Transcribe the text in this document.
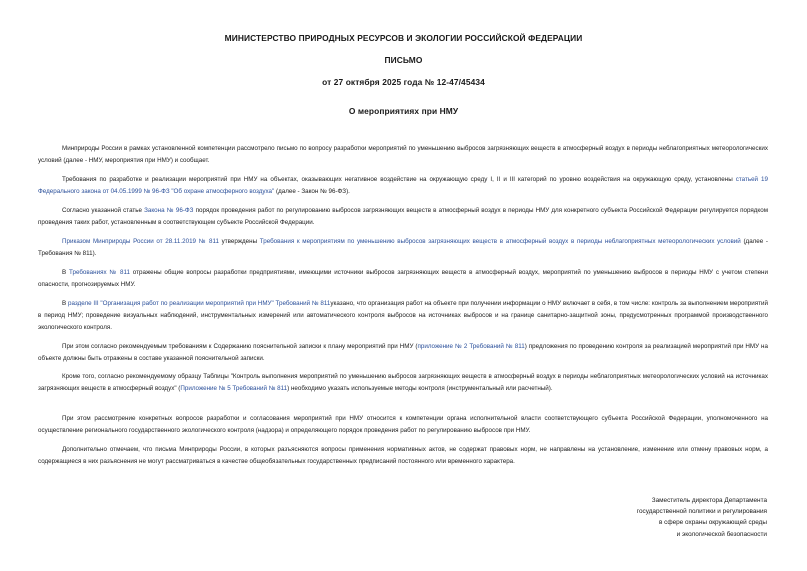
МИНИСТЕРСТВО ПРИРОДНЫХ РЕСУРСОВ И ЭКОЛОГИИ РОССИЙСКОЙ ФЕДЕРАЦИИ
ПИСЬМО
от 27 октября 2025 года № 12-47/45434
О мероприятиях при НМУ

Минприроды России в рамках установленной компетенции рассмотрело письмо по вопросу разработки мероприятий по уменьшению выбросов загрязняющих веществ в атмосферный воздух в периоды неблагоприятных метеорологических условий (далее - НМУ, мероприятия при НМУ) и сообщает.

Требования по разработке и реализации мероприятий при НМУ на объектах, оказывающих негативное воздействие на окружающую среду I, II и III категорий по уровню воздействия на окружающую среду, установлены статьей 19 Федерального закона от 04.05.1999 № 96-ФЗ "Об охране атмосферного воздуха" (далее - Закон № 96-ФЗ).

Согласно указанной статье Закона № 96-ФЗ порядок проведения работ по регулированию выбросов загрязняющих веществ в атмосферный воздух в периоды НМУ для конкретного субъекта Российской Федерации регулируется порядком проведения таких работ, установленным в соответствующем субъекте Российской Федерации.

Приказом Минприроды России от 28.11.2019 № 811 утверждены Требования к мероприятиям по уменьшению выбросов загрязняющих веществ в атмосферный воздух в периоды неблагоприятных метеорологических условий (далее - Требования № 811).

В Требованиях № 811 отражены общие вопросы разработки предприятиями, имеющими источники выбросов загрязняющих веществ в атмосферный воздух, мероприятий по уменьшению выбросов в периоды НМУ с учетом степени опасности, прогнозируемых НМУ.

В разделе III "Организация работ по реализации мероприятий при НМУ" Требований № 811указано, что организация работ на объекте при получении информации о НМУ включает в себя, в том числе: контроль за выполнением мероприятий в период НМУ; проведение визуальных наблюдений, инструментальных измерений или автоматического контроля выбросов на источниках выбросов и на границе санитарно-защитной зоны, предусмотренных программой производственного экологического контроля.

При этом согласно рекомендуемым требованиям к Содержанию пояснительной записки к плану мероприятий при НМУ (приложение № 2 Требований № 811) предложения по проведению контроля за реализацией мероприятий при НМУ на объекте должны быть отражены в составе указанной пояснительной записки.

Кроме того, согласно рекомендуемому образцу Таблицы "Контроль выполнения мероприятий по уменьшению выбросов загрязняющих веществ в атмосферный воздух в периоды неблагоприятных метеорологических условий на источниках загрязняющих веществ в атмосферный воздух" (Приложение № 5 Требований № 811) необходимо указать используемые методы контроля (инструментальный или расчетный).

При этом рассмотрение конкретных вопросов разработки и согласования мероприятий при НМУ относится к компетенции органа исполнительной власти соответствующего субъекта Российской Федерации, уполномоченного на осуществление регионального государственного экологического контроля (надзора) и определяющего порядок проведения работ по регулированию выбросов при НМУ.

Дополнительно отмечаем, что письма Минприроды России, в которых разъясняются вопросы применения нормативных актов, не содержат правовых норм, не направлены на установление, изменение или отмену правовых норм, а содержащиеся в них разъяснения не могут рассматриваться в качестве общеобязательных государственных предписаний постоянного или временного характера.

Заместитель директора Департамента
государственной политики и регулирования
в сфере охраны окружающей среды
и экологической безопасности
